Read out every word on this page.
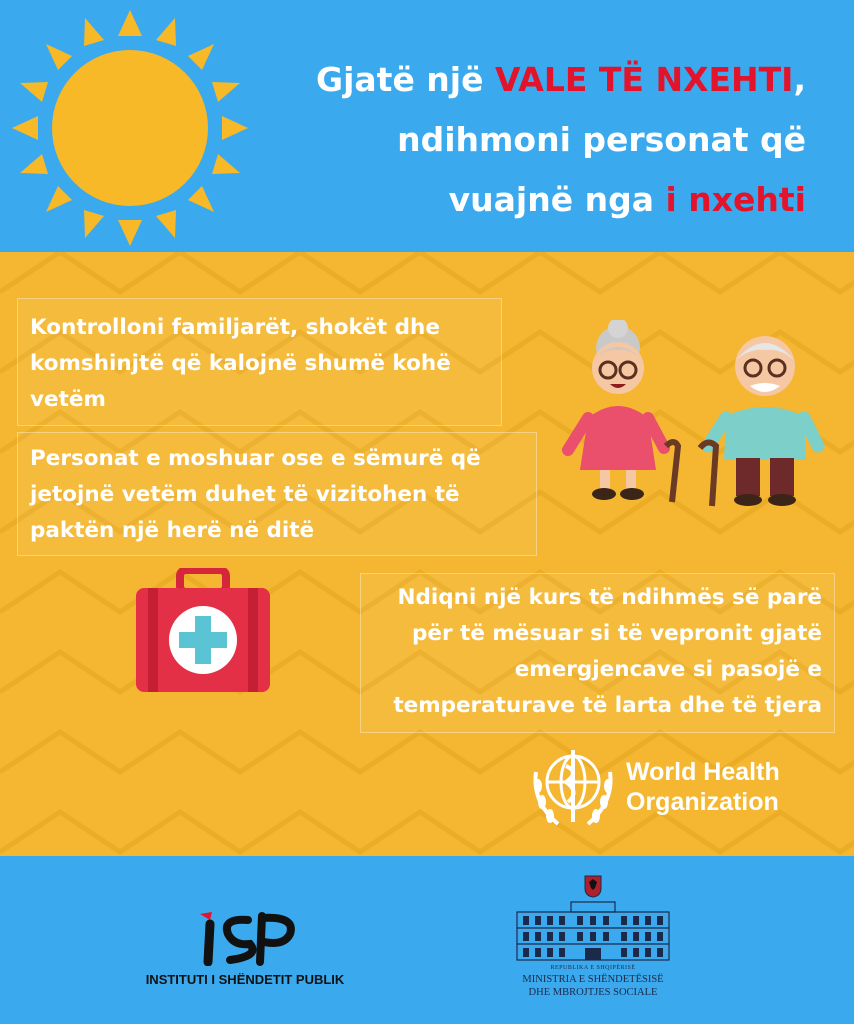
Gjatë një VALE TË NXEHTI,
ndihmoni personat që
vuajnë nga i nxehti
Kontrolloni familjarët, shokët dhe komshinjtë që kalojnë shumë kohë vetëm
Personat e moshuar ose e sëmurë që jetojnë vetëm duhet të vizitohen të paktën një herë në ditë
Ndiqni një kurs të ndihmës së parë për të mësuar si të vepronit gjatë emergjencave si pasojë e temperaturave të larta dhe të tjera
World Health
Organization
INSTITUTI I SHËNDETIT PUBLIK
REPUBLIKA E SHQIPËRISË
MINISTRIA E SHËNDETËSISË
DHE MBROJTJES SOCIALE
